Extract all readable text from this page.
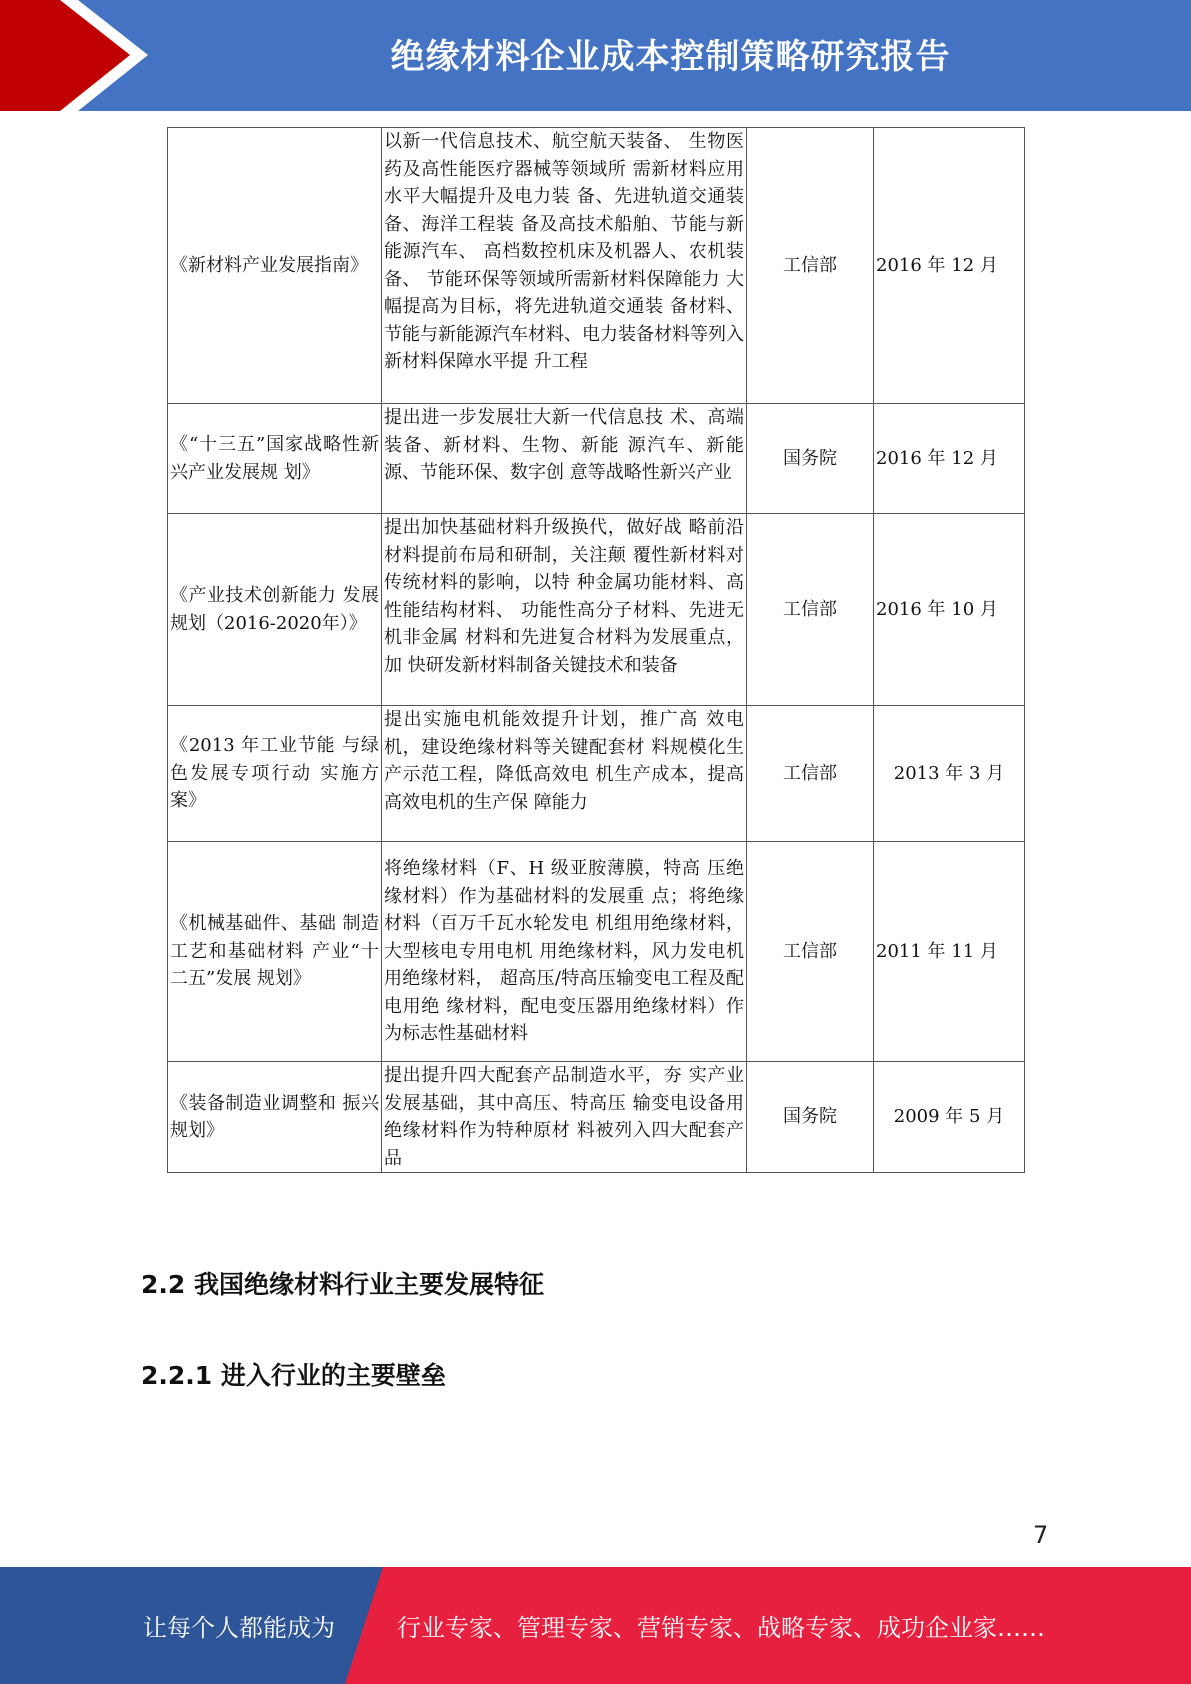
绝缘材料企业成本控制策略研究报告
《新材料产业发展指南》	以新一代信息技术、航空航天装备、 生物医药及高性能医疗器械等领域所 需新材料应用水平大幅提升及电力装 备、先进轨道交通装备、海洋工程装 备及高技术船舶、节能与新能源汽车、 高档数控机床及机器人、农机装备、 节能环保等领域所需新材料保障能力 大幅提高为目标，将先进轨道交通装 备材料、节能与新能源汽车材料、电力装备材料等列入新材料保障水平提 升工程	工信部	2016 年 12 月
《“十三五”国家战略性新兴产业发展规 划》	提出进一步发展壮大新一代信息技 术、高端装备、新材料、生物、新能 源汽车、新能源、节能环保、数字创 意等战略性新兴产业	国务院	2016 年 12 月
《产业技术创新能力 发展规划（2016-2020年）》	提出加快基础材料升级换代，做好战 略前沿材料提前布局和研制，关注颠 覆性新材料对传统材料的影响，以特 种金属功能材料、高性能结构材料、 功能性高分子材料、先进无机非金属 材料和先进复合材料为发展重点，加 快研发新材料制备关键技术和装备	工信部	2016 年 10 月
《2013 年工业节能 与绿色发展专项行动 实施方案》	提出实施电机能效提升计划，推广高 效电机，建设绝缘材料等关键配套材 料规模化生产示范工程，降低高效电 机生产成本，提高高效电机的生产保 障能力	工信部	2013 年 3 月
《机械基础件、基础 制造工艺和基础材料 产业“十二五”发展 规划》	将绝缘材料（F、H 级亚胺薄膜，特高 压绝缘材料）作为基础材料的发展重 点；将绝缘材料（百万千瓦水轮发电 机组用绝缘材料，大型核电专用电机 用绝缘材料，风力发电机用绝缘材料， 超高压/特高压输变电工程及配电用绝 缘材料，配电变压器用绝缘材料）作 为标志性基础材料	工信部	2011 年 11 月
《装备制造业调整和 振兴规划》	提出提升四大配套产品制造水平，夯 实产业发展基础，其中高压、特高压 输变电设备用绝缘材料作为特种原材 料被列入四大配套产品	国务院	2009 年 5 月
2.2 我国绝缘材料行业主要发展特征
2.2.1 进入行业的主要壁垒
7
让每个人都能成为	行业专家、管理专家、营销专家、战略专家、成功企业家……
